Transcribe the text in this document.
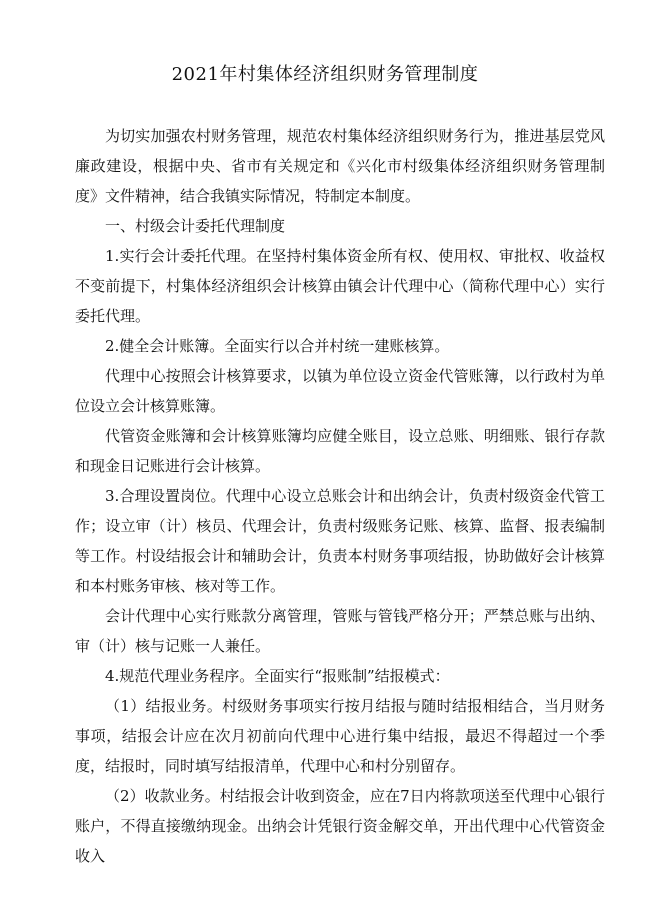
2021年村集体经济组织财务管理制度

为切实加强农村财务管理，规范农村集体经济组织财务行为，推进基层党风廉政建设，根据中央、省市有关规定和《兴化市村级集体经济组织财务管理制度》文件精神，结合我镇实际情况，特制定本制度。

一、村级会计委托代理制度

1.实行会计委托代理。在坚持村集体资金所有权、使用权、审批权、收益权不变前提下，村集体经济组织会计核算由镇会计代理中心（简称代理中心）实行委托代理。

2.健全会计账簿。全面实行以合并村统一建账核算。

代理中心按照会计核算要求，以镇为单位设立资金代管账簿，以行政村为单位设立会计核算账簿。

代管资金账簿和会计核算账簿均应健全账目，设立总账、明细账、银行存款和现金日记账进行会计核算。

3.合理设置岗位。代理中心设立总账会计和出纳会计，负责村级资金代管工作；设立审（计）核员、代理会计，负责村级账务记账、核算、监督、报表编制等工作。村设结报会计和辅助会计，负责本村财务事项结报，协助做好会计核算和本村账务审核、核对等工作。

会计代理中心实行账款分离管理，管账与管钱严格分开；严禁总账与出纳、审（计）核与记账一人兼任。

4.规范代理业务程序。全面实行“报账制”结报模式：

（1）结报业务。村级财务事项实行按月结报与随时结报相结合，当月财务事项，结报会计应在次月初前向代理中心进行集中结报，最迟不得超过一个季度，结报时，同时填写结报清单，代理中心和村分别留存。

（2）收款业务。村结报会计收到资金，应在7日内将款项送至代理中心银行账户，不得直接缴纳现金。出纳会计凭银行资金解交单，开出代理中心代管资金收入
